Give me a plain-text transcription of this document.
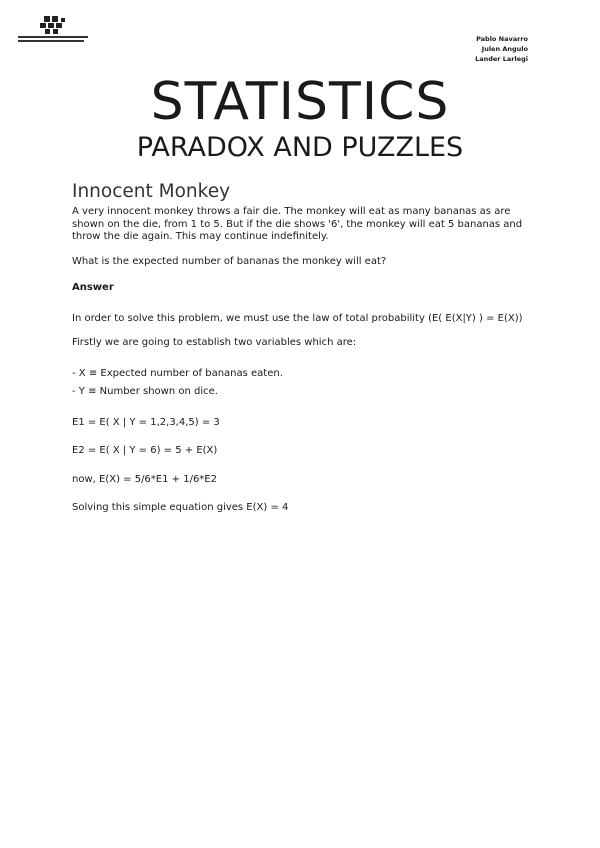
Pablo Navarro
Julen Angulo
Lander Larlegi
STATISTICS
PARADOX AND PUZZLES
Innocent Monkey

A very innocent monkey throws a fair die. The monkey will eat as many bananas as are shown on the die, from 1 to 5. But if the die shows '6', the monkey will eat 5 bananas and throw the die again. This may continue indefinitely.

What is the expected number of bananas the monkey will eat?

Answer

In order to solve this problem, we must use the law of total probability (E( E(X|Y) ) = E(X))

Firstly we are going to establish two variables which are:

- X ≡ Expected number of bananas eaten.
- Y ≡ Number shown on dice.

E1 = E( X | Y = 1,2,3,4,5) = 3

E2 = E( X | Y = 6) = 5 + E(X)

now, E(X) = 5/6*E1 + 1/6*E2

Solving this simple equation gives E(X) = 4
